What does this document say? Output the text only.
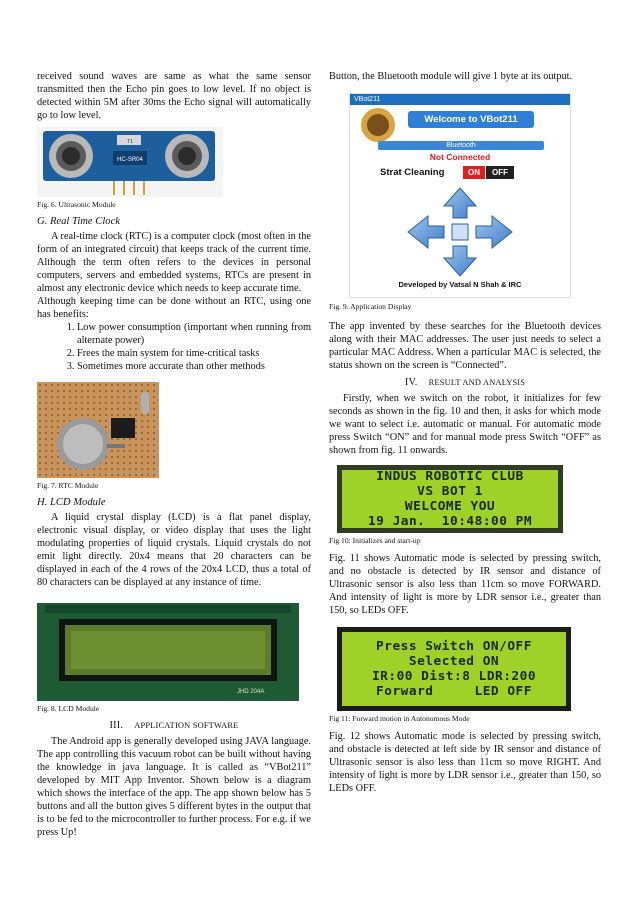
received sound waves are same as what the same sensor transmitted then the Echo pin goes to low level. If no object is detected within 5M after 30ms the Echo signal will automatically go to low level.

HC-SR04
T1
Fig. 6. Ultrasonic Module
G. Real Time Clock

A real-time clock (RTC) is a computer clock (most often in the form of an integrated circuit) that keeps track of the current time. Although the term often refers to the devices in personal computers, servers and embedded systems, RTCs are present in almost any electronic device which needs to keep accurate time.

Although keeping time can be done without an RTC, using one has benefits:

1. Low power consumption (important when running from alternate power)
2. Frees the main system for time-critical tasks
3. Sometimes more accurate than other methods
Fig. 7. RTC Module
H. LCD Module

A liquid crystal display (LCD) is a flat panel display, electronic visual display, or video display that uses the light modulating properties of liquid crystals. Liquid crystals do not emit light directly. 20x4 means that 20 characters can be displayed in each of the 4 rows of the 20x4 LCD, thus a total of 80 characters can be displayed at any instance of time.

JHD 204A
Fig. 8. LCD Module
III. APPLICATION SOFTWARE

The Android app is generally developed using JAVA language. The app controlling this vacuum robot can be built without having the knowledge in java language. It is called as “VBot211” developed by MIT App Inventor. Shown below is a diagram which shows the interface of the app. The app shown below has 5 buttons and all the button gives 5 different bytes in the output that is to be fed to the microcontroller to further process. For e.g. if we press Up!

Button, the Bluetooth module will give 1 byte at its output.

VBot211
Welcome to VBot211
Bluetooth
Not Connected
Strat Cleaning	ON	OFF
Developed by Vatsal N Shah & IRC
Fig. 9. Application Display

The app invented by these searches for the Bluetooth devices along with their MAC addresses. The user just needs to select a particular MAC Address. When a particular MAC is selected, the status shown on the screen is “Connected”.

IV. RESULT AND ANALYSIS

Firstly, when we switch on the robot, it initializes for few seconds as shown in the fig. 10 and then, it asks for which mode we want to select i.e. automatic or manual. For automatic mode press Switch “ON” and for manual mode press Switch “OFF” as shown from fig. 11 onwards.

INDUS ROBOTIC CLUB
VS BOT 1
WELCOME YOU
19 Jan.  10:48:00 PM
Fig 10: Initializes and start-up

Fig. 11 shows Automatic mode is selected by pressing switch, and no obstacle is detected by IR sensor and distance of Ultrasonic sensor is also less than 11cm so move FORWARD. And intensity of light is more by LDR sensor i.e., greater than 150, so LEDs OFF.

Press Switch ON/OFF
Selected ON
IR:00 Dist:8 LDR:200
Forward     LED OFF
Fig 11: Forward motion in Autonomous Mode

Fig. 12 shows Automatic mode is selected by pressing switch, and obstacle is detected at left side by IR sensor and distance of Ultrasonic sensor is also less than 11cm so move RIGHT. And intensity of light is more by LDR sensor i.e., greater than 150, so LEDs OFF.
